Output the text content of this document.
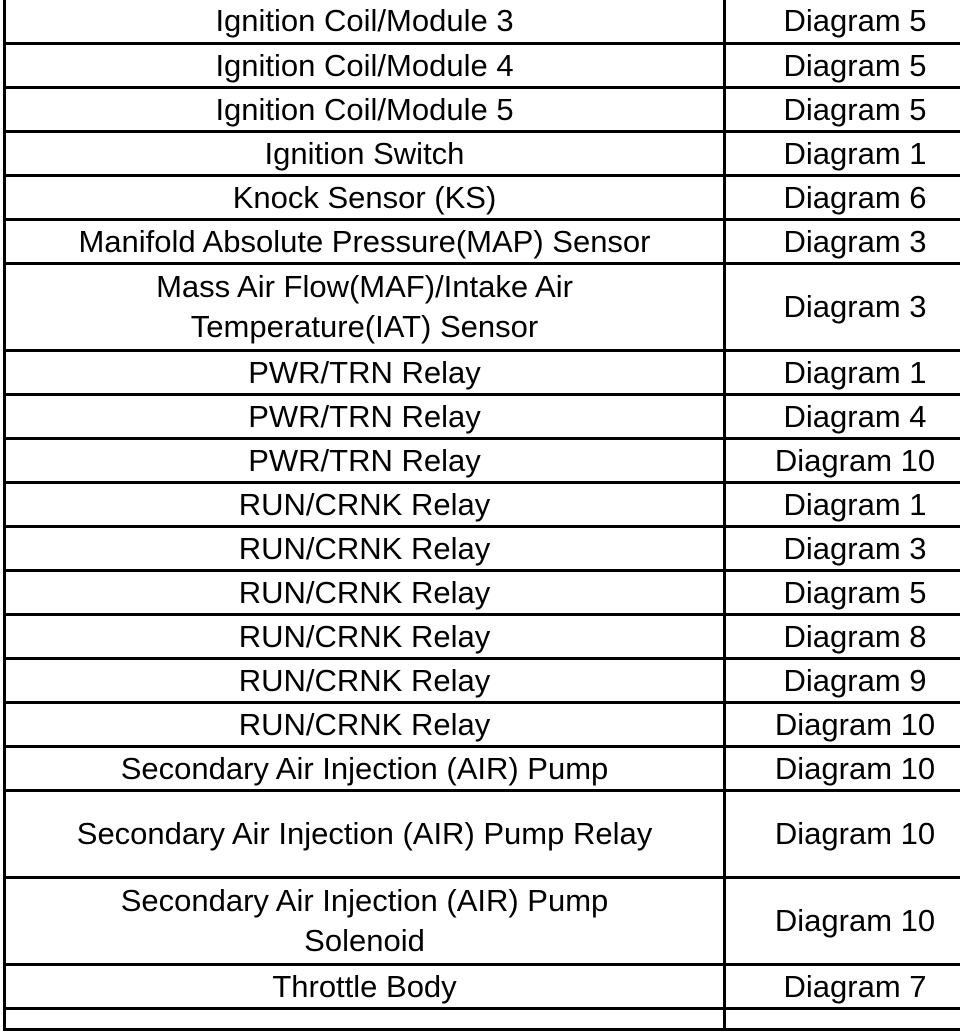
Ignition Coil/Module 3	Diagram 5
Ignition Coil/Module 4	Diagram 5
Ignition Coil/Module 5	Diagram 5
Ignition Switch	Diagram 1
Knock Sensor (KS)	Diagram 6
Manifold Absolute Pressure(MAP) Sensor	Diagram 3
Mass Air Flow(MAF)/Intake Air Temperature(IAT) Sensor	Diagram 3
PWR/TRN Relay	Diagram 1
PWR/TRN Relay	Diagram 4
PWR/TRN Relay	Diagram 10
RUN/CRNK Relay	Diagram 1
RUN/CRNK Relay	Diagram 3
RUN/CRNK Relay	Diagram 5
RUN/CRNK Relay	Diagram 8
RUN/CRNK Relay	Diagram 9
RUN/CRNK Relay	Diagram 10
Secondary Air Injection (AIR) Pump	Diagram 10
Secondary Air Injection (AIR) Pump Relay	Diagram 10
Secondary Air Injection (AIR) Pump Solenoid	Diagram 10
Throttle Body	Diagram 7
